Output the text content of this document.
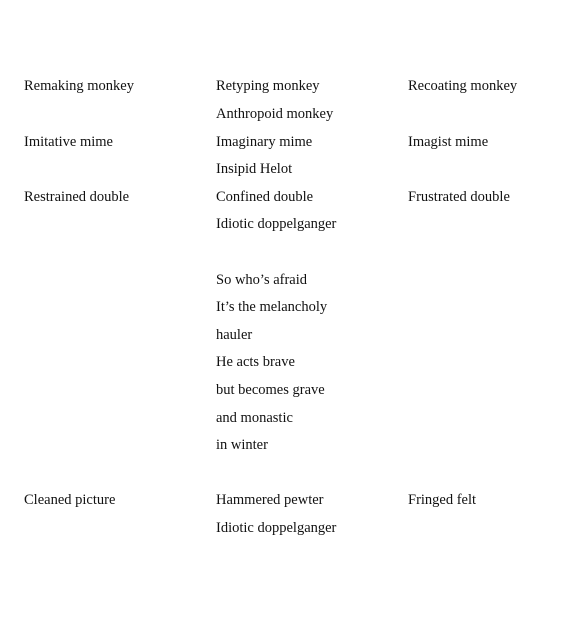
Remaking monkey	Retyping monkey	Recoating monkey
Anthropoid monkey
Imitative mime	Imaginary mime	Imagist mime
Insipid Helot
Restrained double	Confined double	Frustrated double
Idiotic doppelganger
So who’s afraid
It’s the melancholy
hauler
He acts brave
but becomes grave
and monastic
in winter
Cleaned picture	Hammered pewter	Fringed felt
Idiotic doppelganger
